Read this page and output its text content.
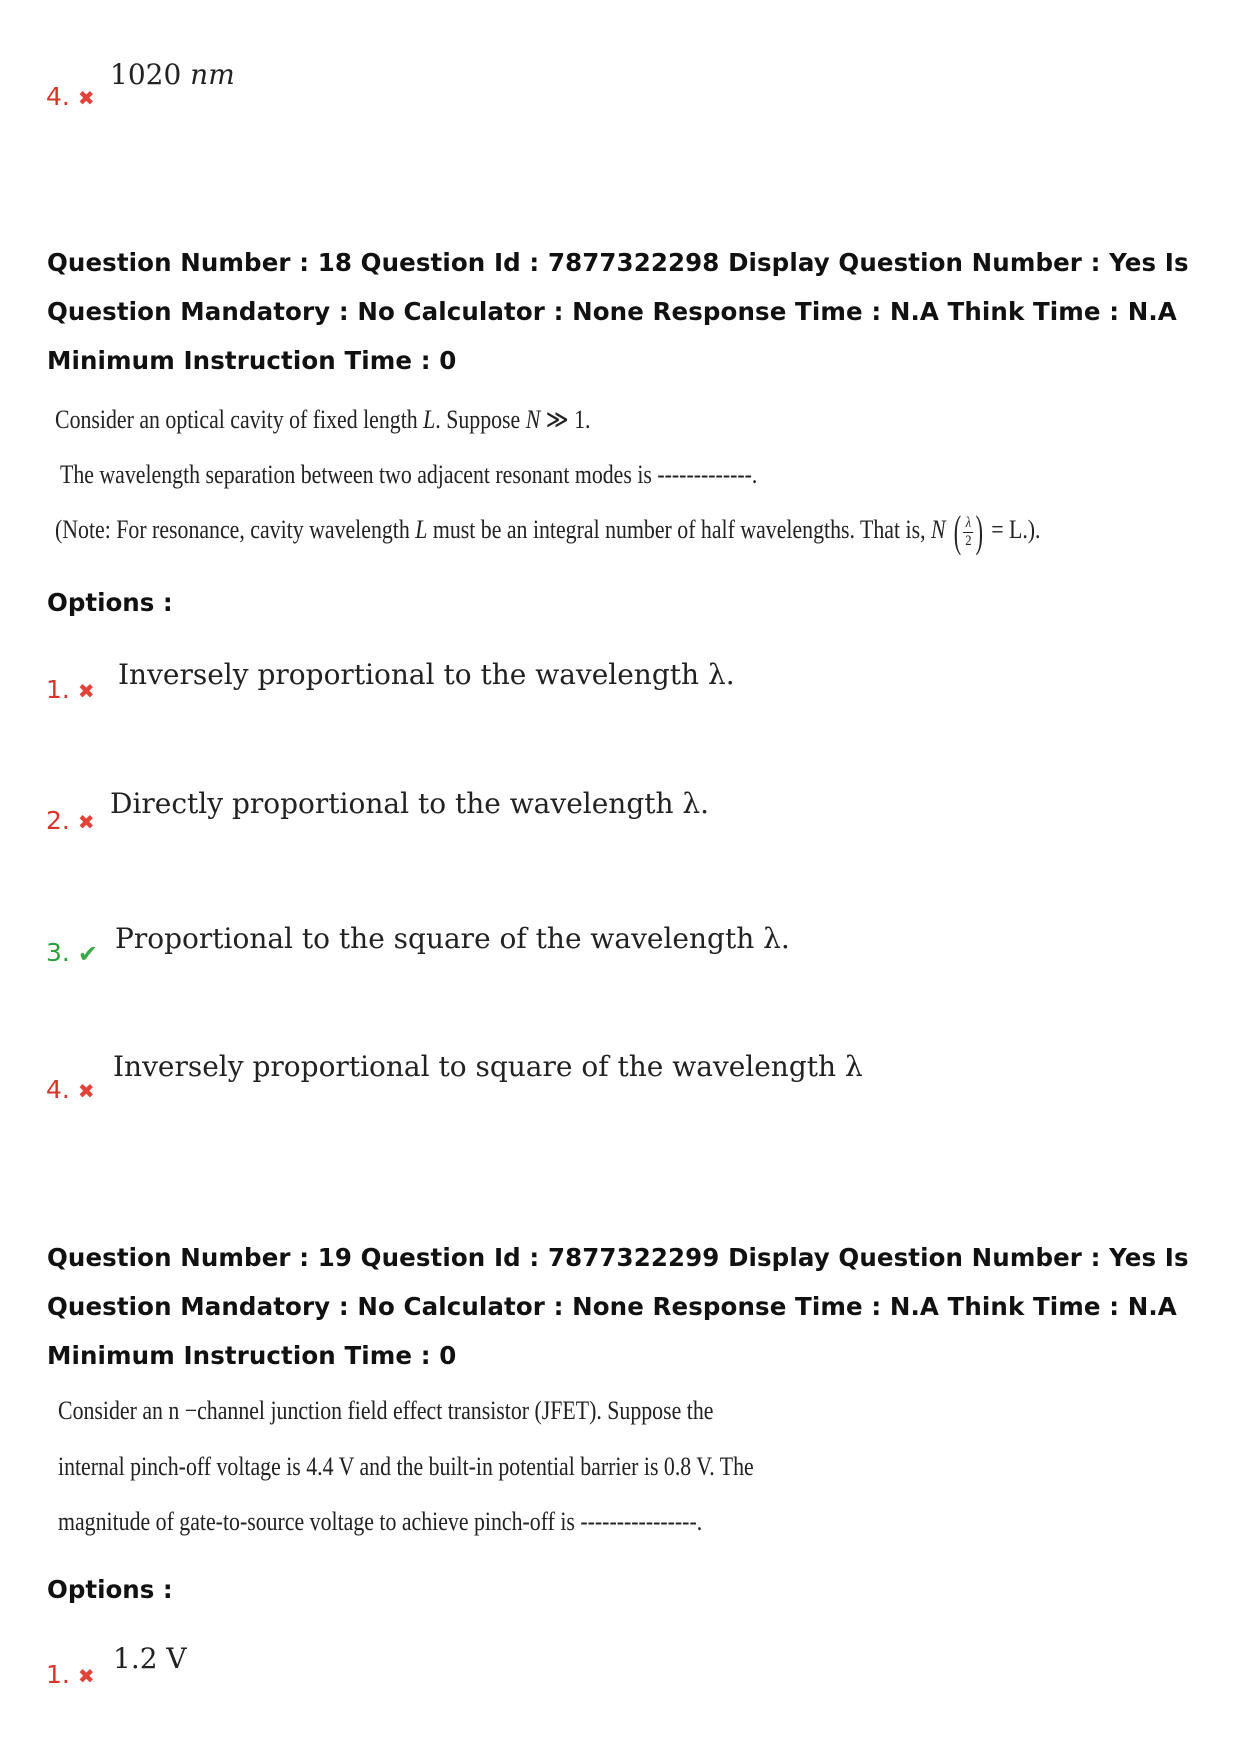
4. ✖
1020 nm
Question Number : 18 Question Id : 7877322298 Display Question Number : Yes Is Question Mandatory : No Calculator : None Response Time : N.A Think Time : N.A Minimum Instruction Time : 0
Consider an optical cavity of fixed length L. Suppose N ≫ 1.
The wavelength separation between two adjacent resonant modes is -------------.
(Note: For resonance, cavity wavelength L must be an integral number of half wavelengths. That is, N ( λ
2 ) = L.).
Options :
1. ✖ Inversely proportional to the wavelength λ.
2. ✖
Directly proportional to the wavelength λ.
3. ✔ Proportional to the square of the wavelength λ.
4. ✖
Inversely proportional to square of the wavelength λ
Question Number : 19 Question Id : 7877322299 Display Question Number : Yes Is Question Mandatory : No Calculator : None Response Time : N.A Think Time : N.A Minimum Instruction Time : 0
Consider an n −channel junction field effect transistor (JFET). Suppose the
internal pinch-off voltage is 4.4 V and the built-in potential barrier is 0.8 V. The
magnitude of gate-to-source voltage to achieve pinch-off is ----------------.
Options :
1. ✖
1.2 V
